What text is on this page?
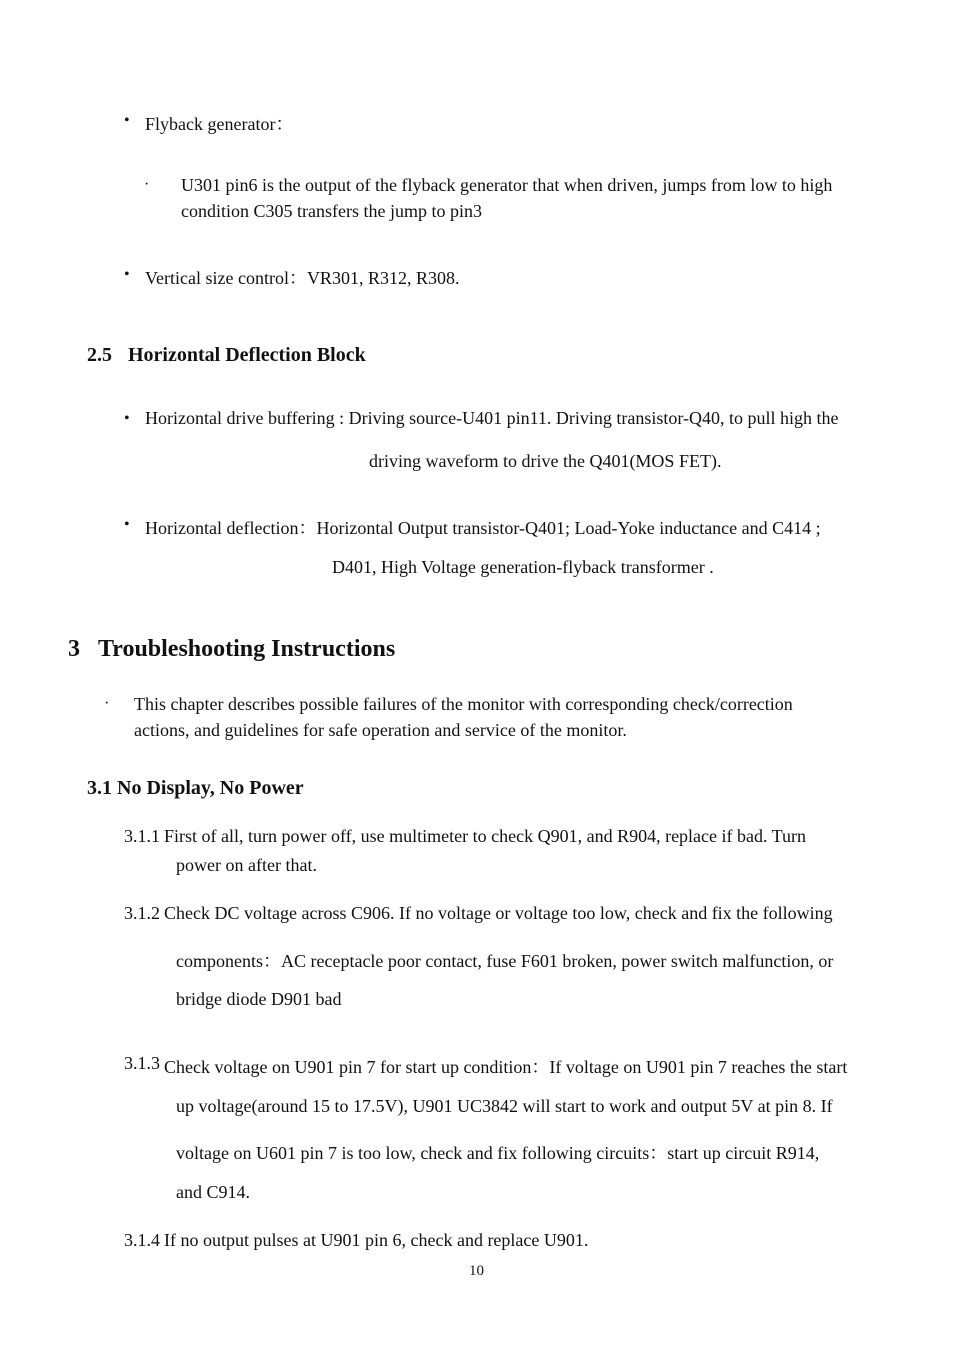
• Flyback generator：
· U301 pin6 is the output of the flyback generator that when driven, jumps from low to high
condition C305 transfers the jump to pin3
• Vertical size control：VR301, R312, R308.
2.5 Horizontal Deflection Block
• Horizontal drive buffering : Driving source-U401 pin11. Driving transistor-Q40, to pull high the
driving waveform to drive the Q401(MOS FET).
• Horizontal deflection：Horizontal Output transistor-Q401; Load-Yoke inductance and C414 ;
D401, High Voltage generation-flyback transformer .
3 Troubleshooting Instructions
· This chapter describes possible failures of the monitor with corresponding check/correction
actions, and guidelines for safe operation and service of the monitor.
3.1 No Display, No Power
3.1.1 First of all, turn power off, use multimeter to check Q901, and R904, replace if bad. Turn
power on after that.
3.1.2 Check DC voltage across C906. If no voltage or voltage too low, check and fix the following
components：AC receptacle poor contact, fuse F601 broken, power switch malfunction, or
bridge diode D901 bad
3.1.3 Check voltage on U901 pin 7 for start up condition：If voltage on U901 pin 7 reaches the start
up voltage(around 15 to 17.5V), U901 UC3842 will start to work and output 5V at pin 8. If
voltage on U601 pin 7 is too low, check and fix following circuits：start up circuit R914,
and C914.
3.1.4 If no output pulses at U901 pin 6, check and replace U901.
10
